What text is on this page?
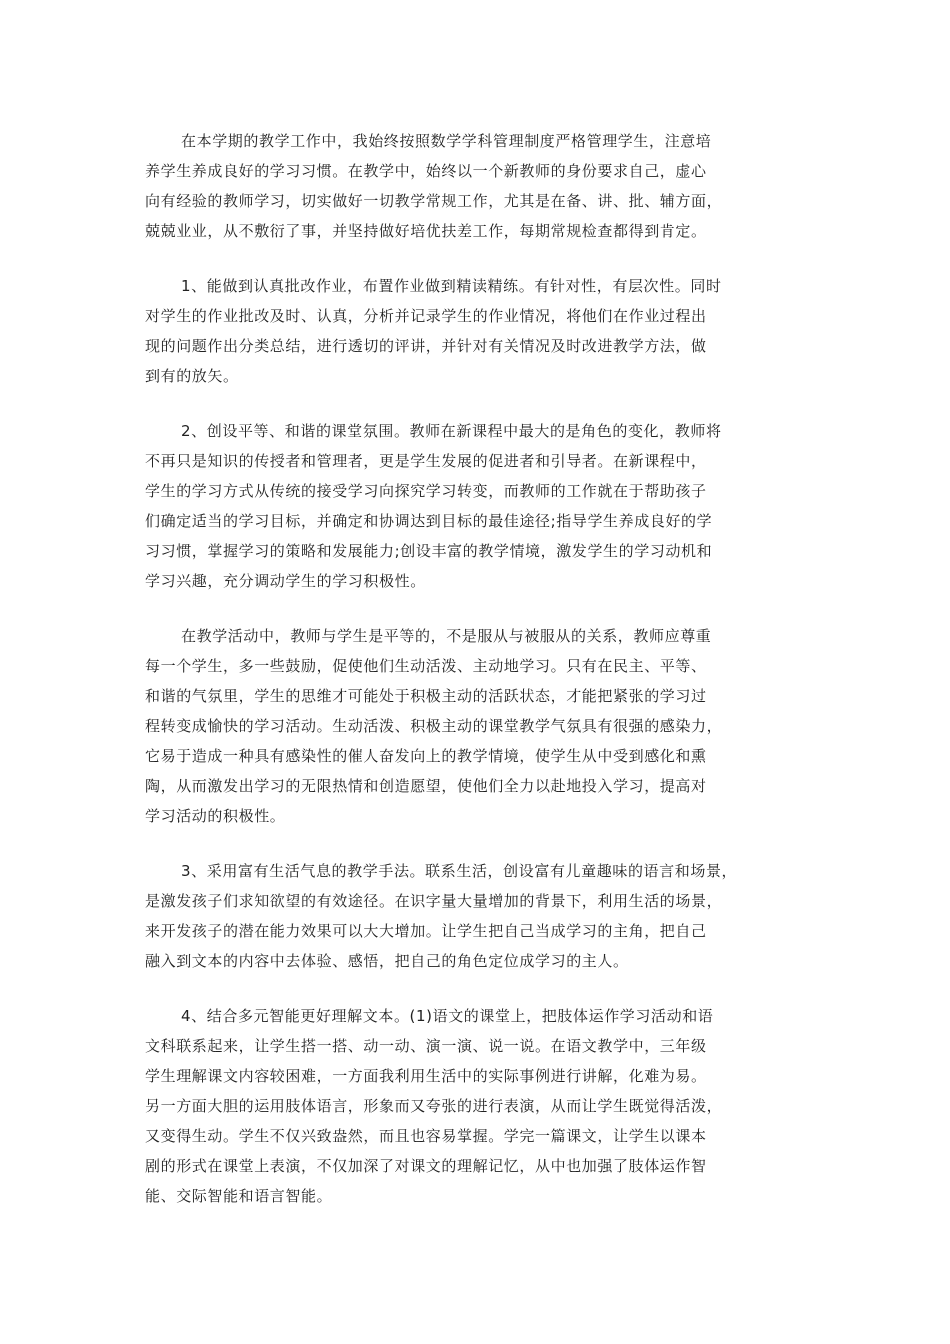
在本学期的教学工作中，我始终按照数学学科管理制度严格管理学生，注意培
养学生养成良好的学习习惯。在教学中，始终以一个新教师的身份要求自己，虚心
向有经验的教师学习，切实做好一切教学常规工作，尤其是在备、讲、批、辅方面，
兢兢业业，从不敷衍了事，并坚持做好培优扶差工作，每期常规检查都得到肯定。
1、能做到认真批改作业，布置作业做到精读精练。有针对性，有层次性。同时
对学生的作业批改及时、认真，分析并记录学生的作业情况，将他们在作业过程出
现的问题作出分类总结，进行透切的评讲，并针对有关情况及时改进教学方法，做
到有的放矢。
2、创设平等、和谐的课堂氛围。教师在新课程中最大的是角色的变化，教师将
不再只是知识的传授者和管理者，更是学生发展的促进者和引导者。在新课程中，
学生的学习方式从传统的接受学习向探究学习转变，而教师的工作就在于帮助孩子
们确定适当的学习目标，并确定和协调达到目标的最佳途径;指导学生养成良好的学
习习惯，掌握学习的策略和发展能力;创设丰富的教学情境，激发学生的学习动机和
学习兴趣，充分调动学生的学习积极性。
在教学活动中，教师与学生是平等的，不是服从与被服从的关系，教师应尊重
每一个学生，多一些鼓励，促使他们生动活泼、主动地学习。只有在民主、平等、
和谐的气氛里，学生的思维才可能处于积极主动的活跃状态，才能把紧张的学习过
程转变成愉快的学习活动。生动活泼、积极主动的课堂教学气氛具有很强的感染力，
它易于造成一种具有感染性的催人奋发向上的教学情境，使学生从中受到感化和熏
陶，从而激发出学习的无限热情和创造愿望，使他们全力以赴地投入学习，提高对
学习活动的积极性。
3、采用富有生活气息的教学手法。联系生活，创设富有儿童趣味的语言和场景，
是激发孩子们求知欲望的有效途径。在识字量大量增加的背景下，利用生活的场景，
来开发孩子的潜在能力效果可以大大增加。让学生把自己当成学习的主角，把自己
融入到文本的内容中去体验、感悟，把自己的角色定位成学习的主人。
4、结合多元智能更好理解文本。(1)语文的课堂上，把肢体运作学习活动和语
文科联系起来，让学生搭一搭、动一动、演一演、说一说。在语文教学中，三年级
学生理解课文内容较困难，一方面我利用生活中的实际事例进行讲解，化难为易。
另一方面大胆的运用肢体语言，形象而又夸张的进行表演，从而让学生既觉得活泼，
又变得生动。学生不仅兴致盎然，而且也容易掌握。学完一篇课文，让学生以课本
剧的形式在课堂上表演，不仅加深了对课文的理解记忆，从中也加强了肢体运作智
能、交际智能和语言智能。
